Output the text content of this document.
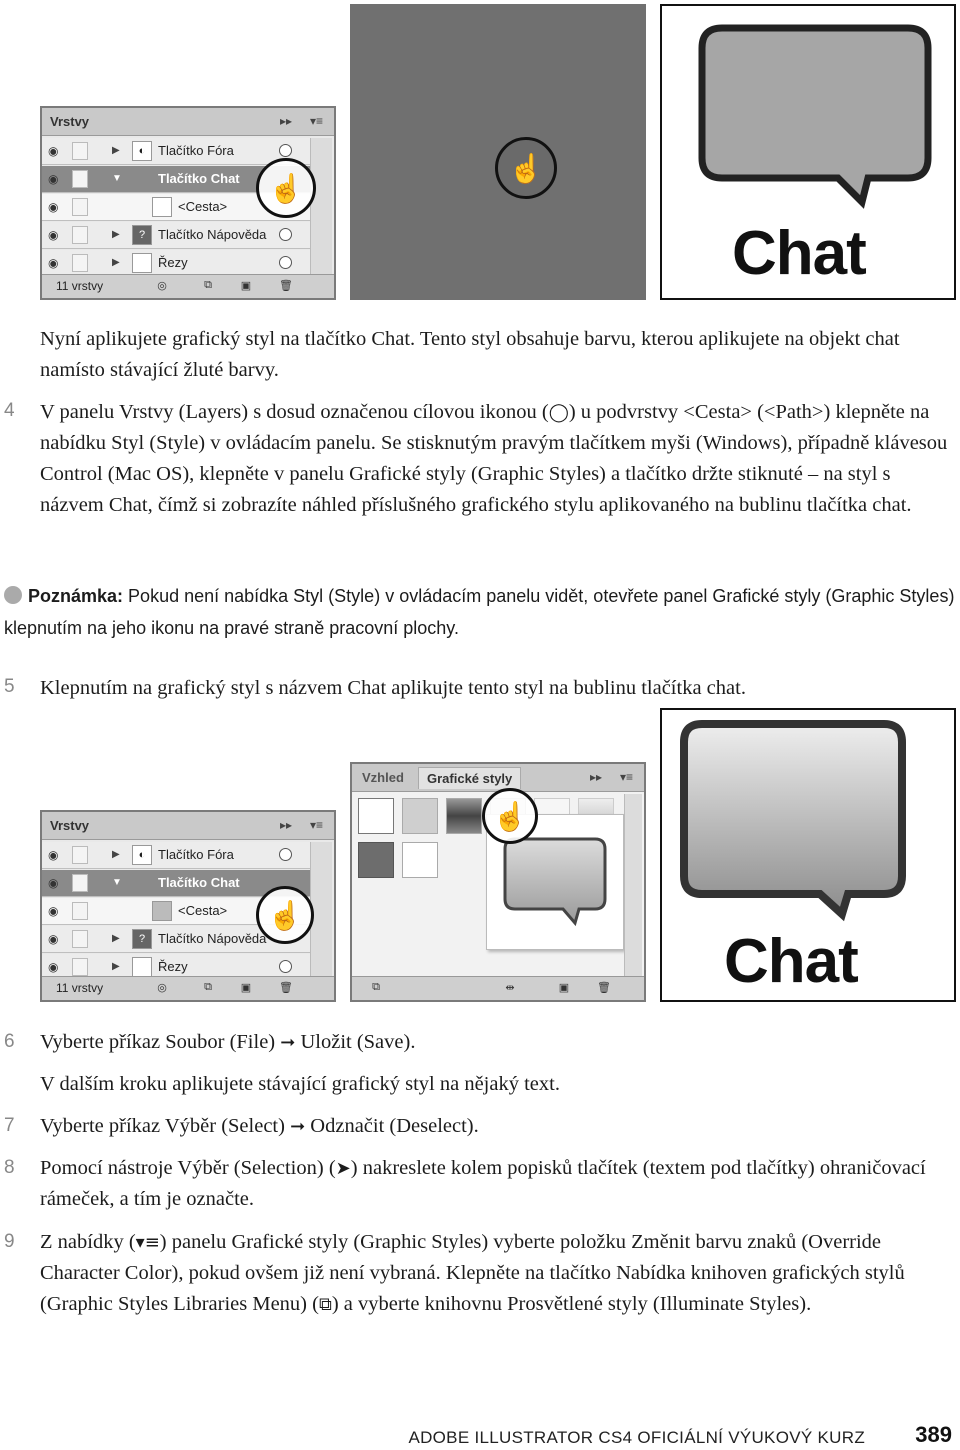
Vrstvy	▸▸ ▾≡
◉	▶	◐ Tlačítko Fóra
◉	▼	Tlačítko Chat
◉	<Cesta>
◉	▶	? Tlačítko Nápověda
◉	▶	Řezy
11 vrstvy	◎	⧉	▣	🗑
☝
☝
Chat
Nyní aplikujete grafický styl na tlačítko Chat. Tento styl obsahuje barvu, kterou aplikujete na objekt chat namísto stávající žluté barvy.
4 V panelu Vrstvy (Layers) s dosud označenou cílovou ikonou (◯) u podvrstvy <Cesta> (<Path>) klepněte na nabídku Styl (Style) v ovládacím panelu. Se stisknutým pravým tlačítkem myši (Windows), případně klávesou Control (Mac OS), klepněte v panelu Grafické styly (Graphic Styles) a tlačítko držte stiknuté – na styl s názvem Chat, čímž si zobrazíte náhled příslušného grafického stylu aplikovaného na bublinu tlačítka chat.
Poznámka: Pokud není nabídka Styl (Style) v ovládacím panelu vidět, otevřete panel Grafické styly (Graphic Styles) klepnutím na jeho ikonu na pravé straně pracovní plochy.
5 Klepnutím na grafický styl s názvem Chat aplikujte tento styl na bublinu tlačítka chat.
Vrstvy	▸▸ ▾≡
◉	▶	◐ Tlačítko Fóra
◉	▼	Tlačítko Chat
◉	<Cesta>
◉	▶	? Tlačítko Nápověda
◉	▶	Řezy
11 vrstvy	◎	⧉	▣	🗑
☝
Vzhled	Grafické styly	▸▸ ▾≡
⧉	⇹	▣	🗑
☝
Chat
6 Vyberte příkaz Soubor (File) ➞ Uložit (Save).
V dalším kroku aplikujete stávající grafický styl na nějaký text.
7 Vyberte příkaz Výběr (Select) ➞ Odznačit (Deselect).
8 Pomocí nástroje Výběr (Selection) (➤) nakreslete kolem popisků tlačítek (textem pod tlačítky) ohraničovací rámeček, a tím je označte.
9 Z nabídky (▾≡) panelu Grafické styly (Graphic Styles) vyberte položku Změnit barvu znaků (Override Character Color), pokud ovšem již není vybraná. Klepněte na tlačítko Nabídka knihoven grafických stylů (Graphic Styles Libraries Menu) (⧉) a vyberte knihovnu Prosvětlené styly (Illuminate Styles).
ADOBE ILLUSTRATOR CS4 OFICIÁLNÍ VÝUKOVÝ KURZ 389
